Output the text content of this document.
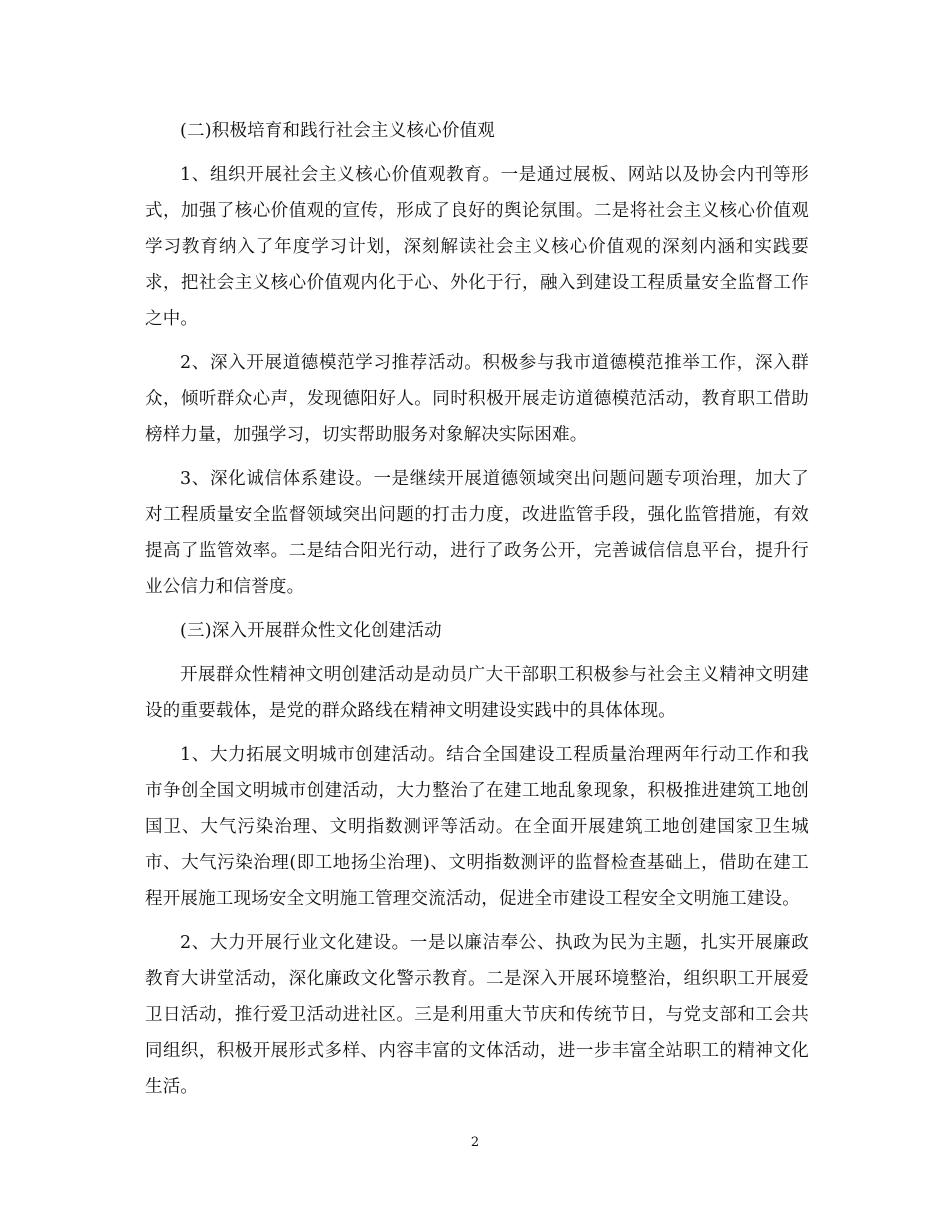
(二)积极培育和践行社会主义核心价值观

1、组织开展社会主义核心价值观教育。一是通过展板、网站以及协会内刊等形式，加强了核心价值观的宣传，形成了良好的舆论氛围。二是将社会主义核心价值观学习教育纳入了年度学习计划，深刻解读社会主义核心价值观的深刻内涵和实践要求，把社会主义核心价值观内化于心、外化于行，融入到建设工程质量安全监督工作之中。

2、深入开展道德模范学习推荐活动。积极参与我市道德模范推举工作，深入群众，倾听群众心声，发现德阳好人。同时积极开展走访道德模范活动，教育职工借助榜样力量，加强学习，切实帮助服务对象解决实际困难。

3、深化诚信体系建设。一是继续开展道德领域突出问题问题专项治理，加大了对工程质量安全监督领域突出问题的打击力度，改进监管手段，强化监管措施，有效提高了监管效率。二是结合阳光行动，进行了政务公开，完善诚信信息平台，提升行业公信力和信誉度。

(三)深入开展群众性文化创建活动

开展群众性精神文明创建活动是动员广大干部职工积极参与社会主义精神文明建设的重要载体，是党的群众路线在精神文明建设实践中的具体体现。

1、大力拓展文明城市创建活动。结合全国建设工程质量治理两年行动工作和我市争创全国文明城市创建活动，大力整治了在建工地乱象现象，积极推进建筑工地创国卫、大气污染治理、文明指数测评等活动。在全面开展建筑工地创建国家卫生城市、大气污染治理(即工地扬尘治理)、文明指数测评的监督检查基础上，借助在建工程开展施工现场安全文明施工管理交流活动，促进全市建设工程安全文明施工建设。

2、大力开展行业文化建设。一是以廉洁奉公、执政为民为主题，扎实开展廉政教育大讲堂活动，深化廉政文化警示教育。二是深入开展环境整治，组织职工开展爱卫日活动，推行爱卫活动进社区。三是利用重大节庆和传统节日，与党支部和工会共同组织，积极开展形式多样、内容丰富的文体活动，进一步丰富全站职工的精神文化生活。

2
